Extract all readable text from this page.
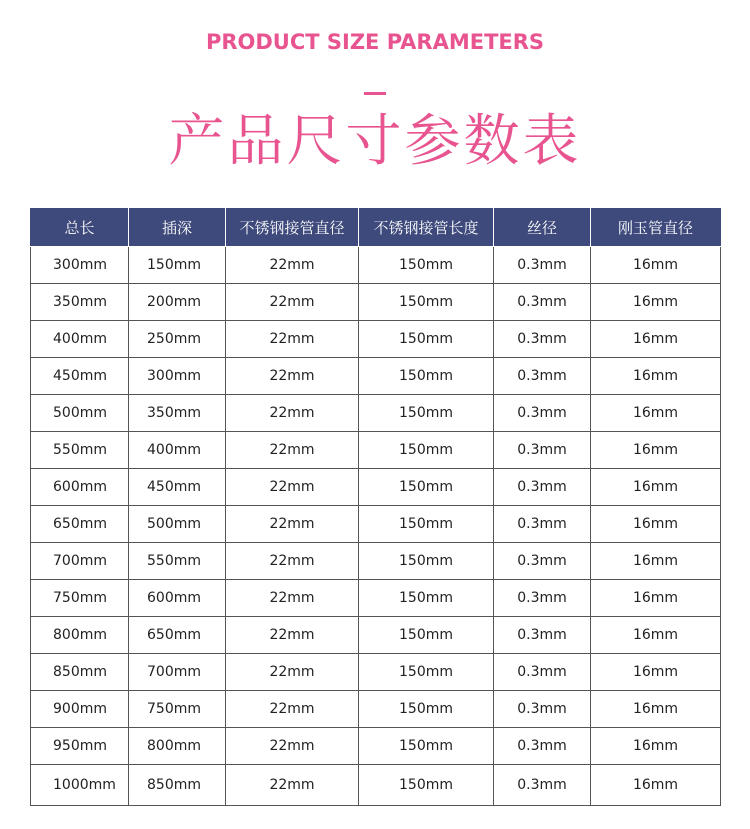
PRODUCT SIZE PARAMETERS
产品尺寸参数表
总长	插深	不锈钢接管直径	不锈钢接管长度	丝径	刚玉管直径
300mm	150mm	22mm	150mm	0.3mm	16mm
350mm	200mm	22mm	150mm	0.3mm	16mm
400mm	250mm	22mm	150mm	0.3mm	16mm
450mm	300mm	22mm	150mm	0.3mm	16mm
500mm	350mm	22mm	150mm	0.3mm	16mm
550mm	400mm	22mm	150mm	0.3mm	16mm
600mm	450mm	22mm	150mm	0.3mm	16mm
650mm	500mm	22mm	150mm	0.3mm	16mm
700mm	550mm	22mm	150mm	0.3mm	16mm
750mm	600mm	22mm	150mm	0.3mm	16mm
800mm	650mm	22mm	150mm	0.3mm	16mm
850mm	700mm	22mm	150mm	0.3mm	16mm
900mm	750mm	22mm	150mm	0.3mm	16mm
950mm	800mm	22mm	150mm	0.3mm	16mm
1000mm	850mm	22mm	150mm	0.3mm	16mm
